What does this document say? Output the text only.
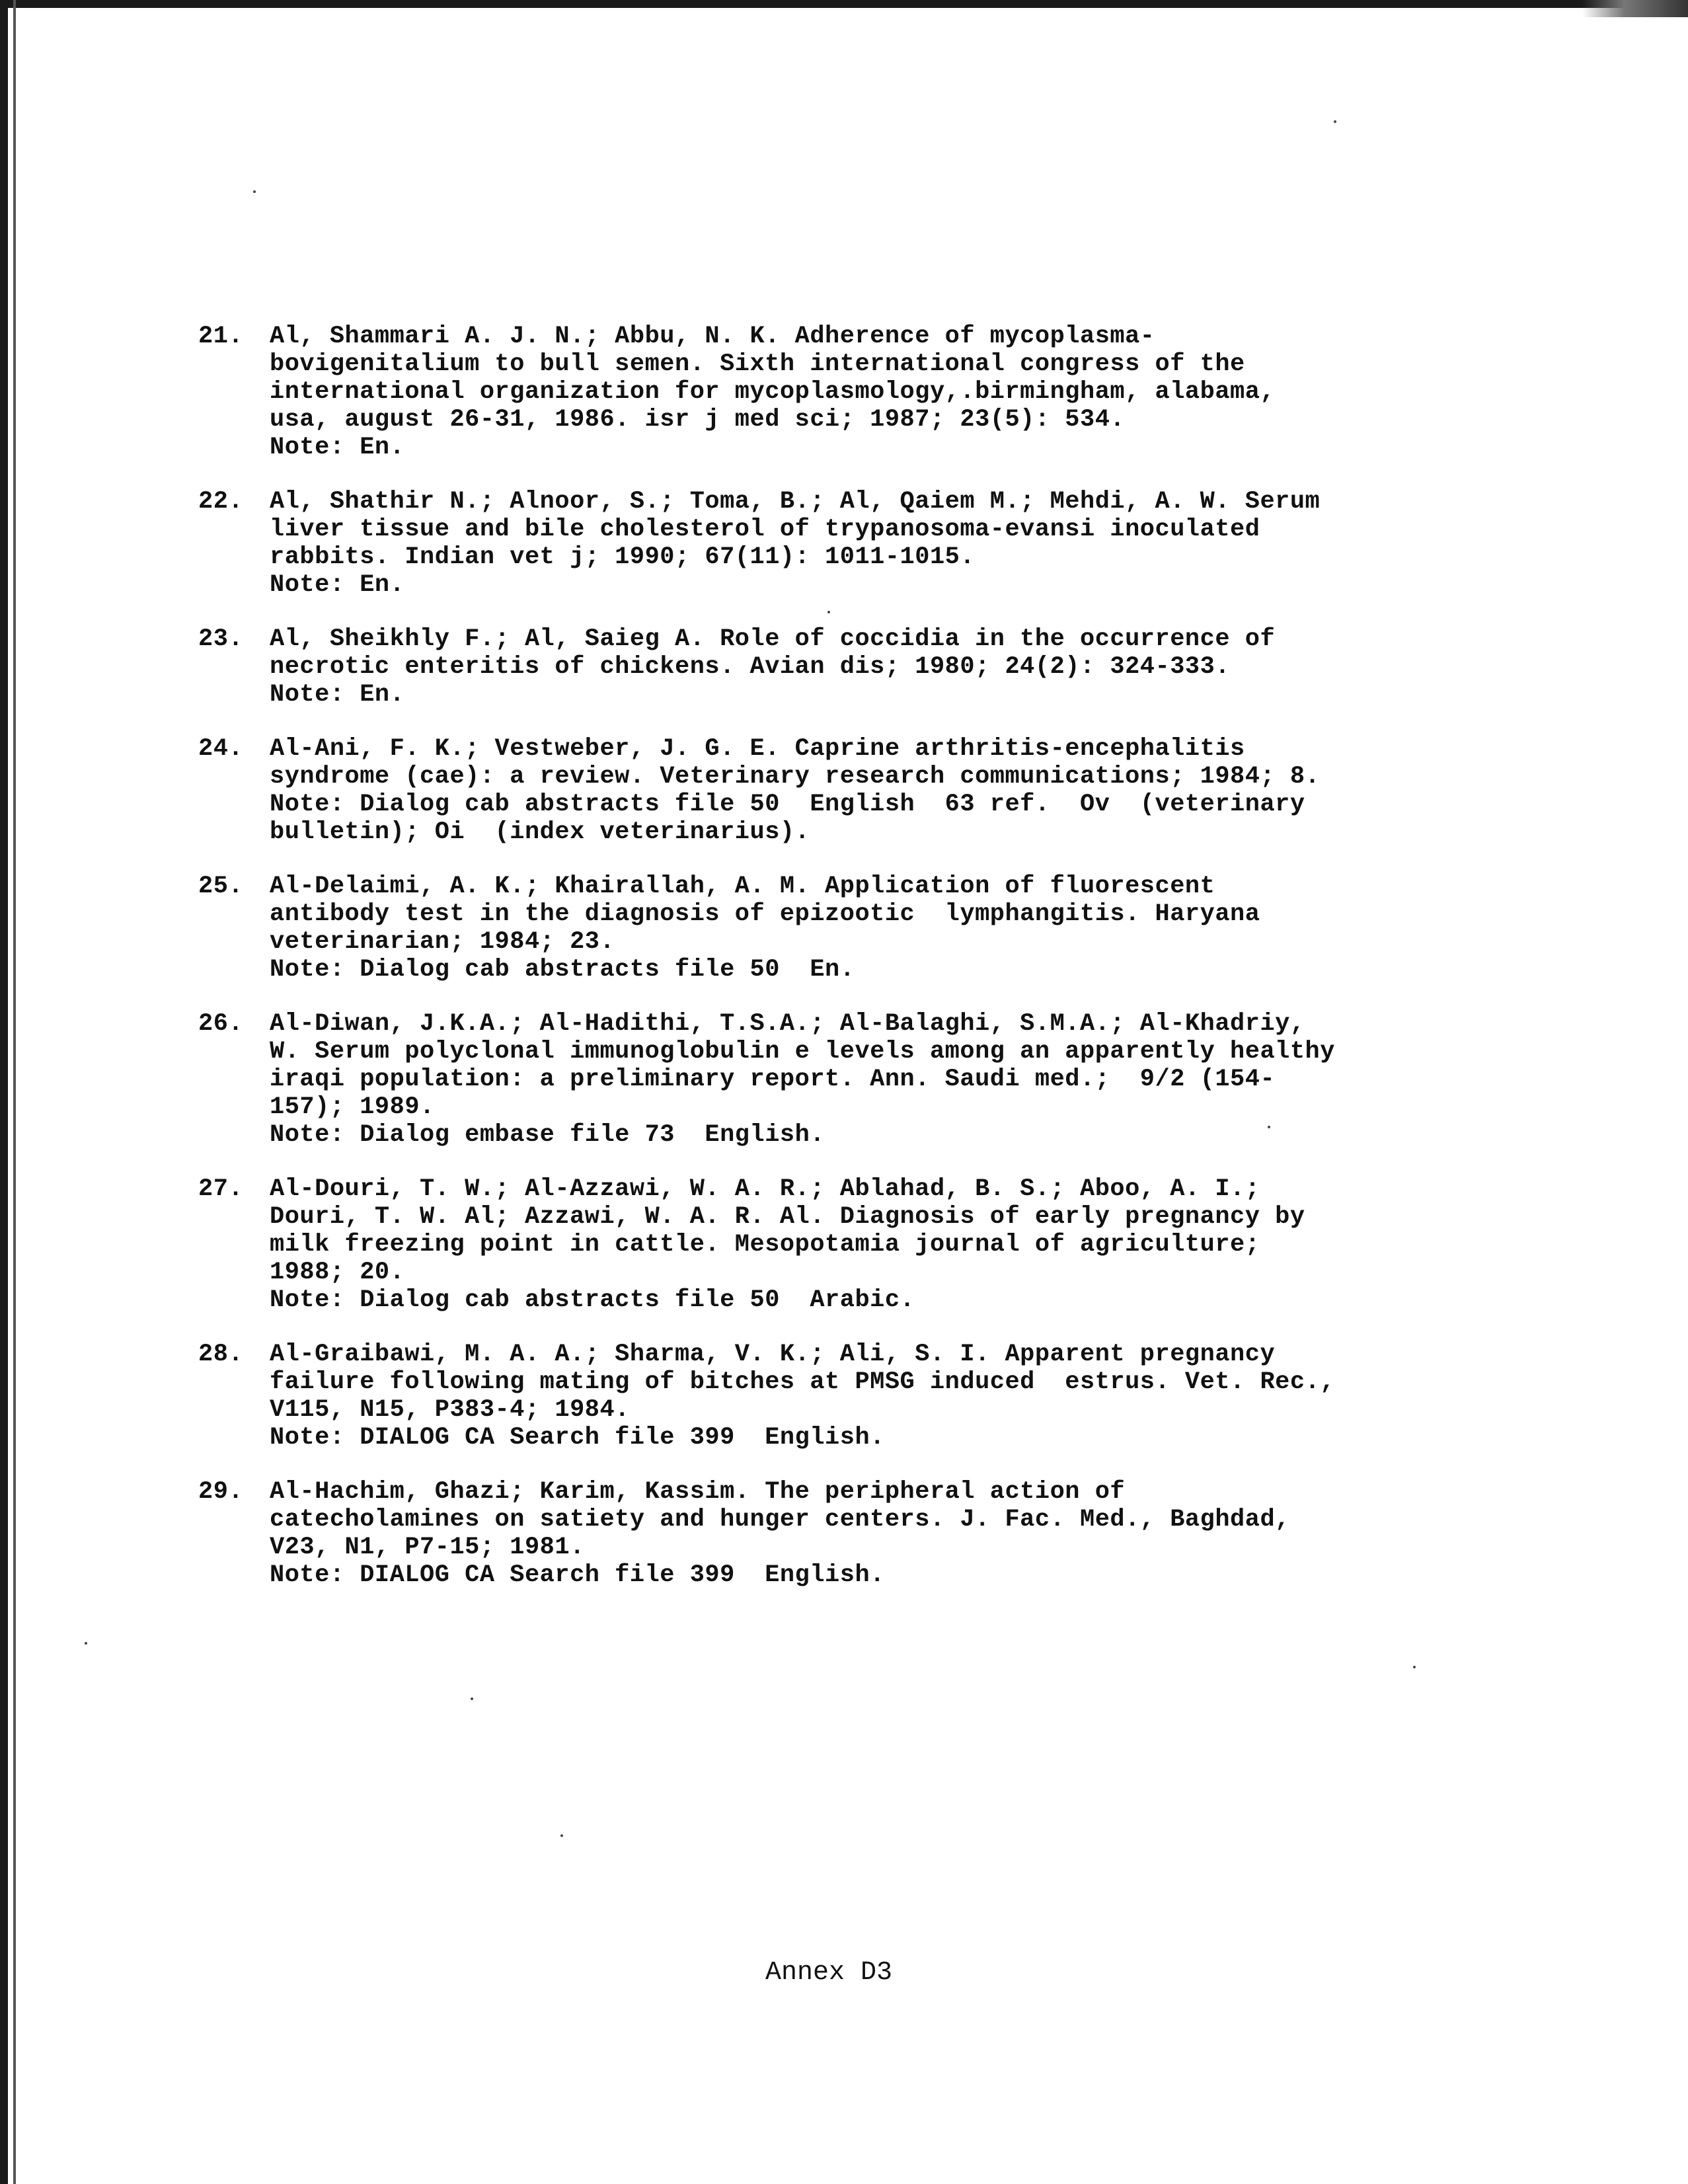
21. Al, Shammari A. J. N.; Abbu, N. K. Adherence of mycoplasma-
bovigenitalium to bull semen. Sixth international congress of the
international organization for mycoplasmology,.birmingham, alabama,
usa, august 26-31, 1986. isr j med sci; 1987; 23(5): 534.
Note: En.
22. Al, Shathir N.; Alnoor, S.; Toma, B.; Al, Qaiem M.; Mehdi, A. W. Serum
liver tissue and bile cholesterol of trypanosoma-evansi inoculated
rabbits. Indian vet j; 1990; 67(11): 1011-1015.
Note: En.
23. Al, Sheikhly F.; Al, Saieg A. Role of coccidia in the occurrence of
necrotic enteritis of chickens. Avian dis; 1980; 24(2): 324-333.
Note: En.
24. Al-Ani, F. K.; Vestweber, J. G. E. Caprine arthritis-encephalitis
syndrome (cae): a review. Veterinary research communications; 1984; 8.
Note: Dialog cab abstracts file 50  English  63 ref.  Ov  (veterinary
bulletin); Oi  (index veterinarius).
25. Al-Delaimi, A. K.; Khairallah, A. M. Application of fluorescent
antibody test in the diagnosis of epizootic  lymphangitis. Haryana
veterinarian; 1984; 23.
Note: Dialog cab abstracts file 50  En.
26. Al-Diwan, J.K.A.; Al-Hadithi, T.S.A.; Al-Balaghi, S.M.A.; Al-Khadriy,
W. Serum polyclonal immunoglobulin e levels among an apparently healthy
iraqi population: a preliminary report. Ann. Saudi med.;  9/2 (154-
157); 1989.
Note: Dialog embase file 73  English.
27. Al-Douri, T. W.; Al-Azzawi, W. A. R.; Ablahad, B. S.; Aboo, A. I.;
Douri, T. W. Al; Azzawi, W. A. R. Al. Diagnosis of early pregnancy by
milk freezing point in cattle. Mesopotamia journal of agriculture;
1988; 20.
Note: Dialog cab abstracts file 50  Arabic.
28. Al-Graibawi, M. A. A.; Sharma, V. K.; Ali, S. I. Apparent pregnancy
failure following mating of bitches at PMSG induced  estrus. Vet. Rec.,
V115, N15, P383-4; 1984.
Note: DIALOG CA Search file 399  English.
29. Al-Hachim, Ghazi; Karim, Kassim. The peripheral action of
catecholamines on satiety and hunger centers. J. Fac. Med., Baghdad,
V23, N1, P7-15; 1981.
Note: DIALOG CA Search file 399  English.
Annex D3
